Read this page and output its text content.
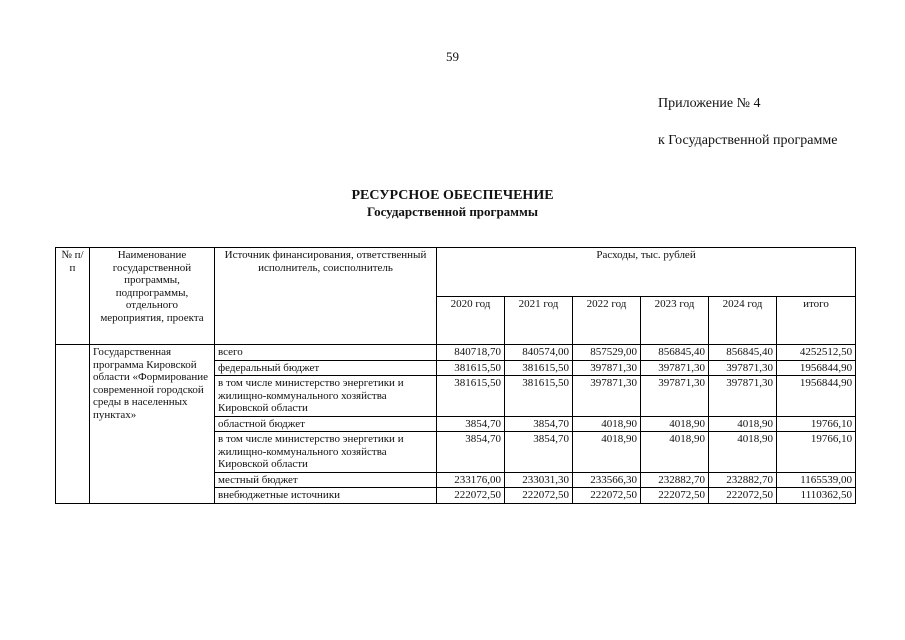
59
Приложение № 4
к Государственной программе
РЕСУРСНОЕ ОБЕСПЕЧЕНИЕ
Государственной программы
№ п/п	Наименование государственной программы, подпрограммы, отдельного мероприятия, проекта	Источник финансирования, ответственный исполнитель, соисполнитель	Расходы, тыс. рублей					
			2020 год	2021 год	2022 год	2023 год	2024 год	итого
	Государственная программа Кировской области «Формирование современной городской среды в населенных пунктах»	всего	840718,70	840574,00	857529,00	856845,40	856845,40	4252512,50
		федеральный бюджет	381615,50	381615,50	397871,30	397871,30	397871,30	1956844,90
		в том числе министерство энергетики и жилищно-коммунального хозяйства Кировской области	381615,50	381615,50	397871,30	397871,30	397871,30	1956844,90
		областной бюджет	3854,70	3854,70	4018,90	4018,90	4018,90	19766,10
		в том числе министерство энергетики и жилищно-коммунального хозяйства Кировской области	3854,70	3854,70	4018,90	4018,90	4018,90	19766,10
		местный бюджет	233176,00	233031,30	233566,30	232882,70	232882,70	1165539,00
		внебюджетные источники	222072,50	222072,50	222072,50	222072,50	222072,50	1110362,50
